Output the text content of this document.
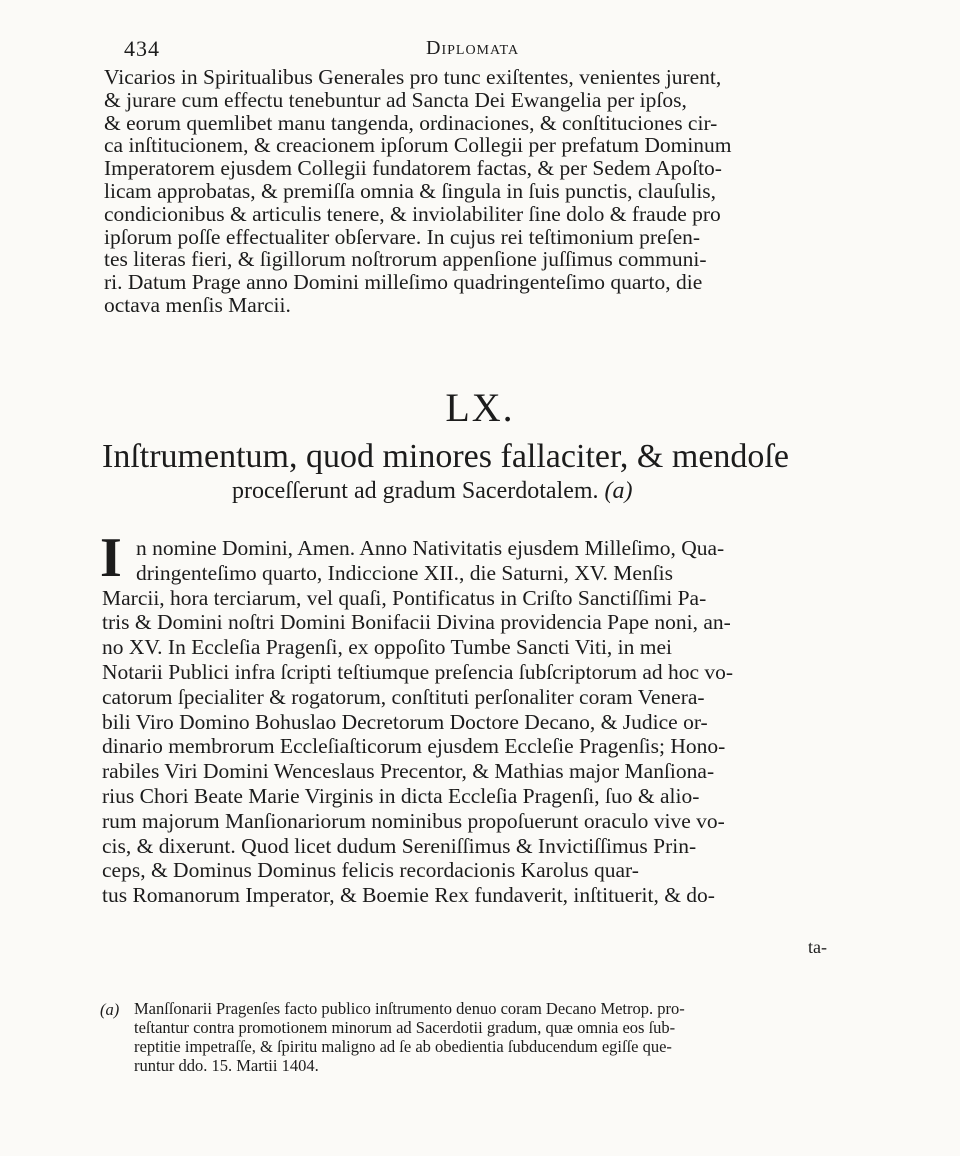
434	Diplomata
Vicarios in Spiritualibus Generales pro tunc exiſtentes, venientes jurent,
& jurare cum effectu tenebuntur ad Sancta Dei Ewangelia per ipſos,
& eorum quemlibet manu tangenda, ordinaciones, & conſtituciones cir-
ca inſtitucionem, & creacionem ipſorum Collegii per prefatum Dominum
Imperatorem ejusdem Collegii fundatorem factas, & per Sedem Apoſto-
licam approbatas, & premiſſa omnia & ſingula in ſuis punctis, clauſulis,
condicionibus & articulis tenere, & inviolabiliter ſine dolo & fraude pro
ipſorum poſſe effectualiter obſervare. In cujus rei teſtimonium preſen-
tes literas fieri, & ſigillorum noſtrorum appenſione juſſimus communi-
ri. Datum Prage anno Domini milleſimo quadringenteſimo quarto, die
octava menſis Marcii.
LX.
Inſtrumentum, quod minores fallaciter, & mendoſe
proceſſerunt ad gradum Sacerdotalem. (a)
I n nomine Domini, Amen. Anno Nativitatis ejusdem Milleſimo, Qua-
dringenteſimo quarto, Indiccione XII., die Saturni, XV. Menſis
Marcii, hora terciarum, vel quaſi, Pontificatus in Criſto Sanctiſſimi Pa-
tris & Domini noſtri Domini Bonifacii Divina providencia Pape noni, an-
no XV. In Eccleſia Pragenſi, ex oppoſito Tumbe Sancti Viti, in mei
Notarii Publici infra ſcripti teſtiumque preſencia ſubſcriptorum ad hoc vo-
catorum ſpecialiter & rogatorum, conſtituti perſonaliter coram Venera-
bili Viro Domino Bohuslao Decretorum Doctore Decano, & Judice or-
dinario membrorum Eccleſiaſticorum ejusdem Eccleſie Pragenſis; Hono-
rabiles Viri Domini Wenceslaus Precentor, & Mathias major Manſiona-
rius Chori Beate Marie Virginis in dicta Eccleſia Pragenſi, ſuo & alio-
rum majorum Manſionariorum nominibus propoſuerunt oraculo vive vo-
cis, & dixerunt. Quod licet dudum Sereniſſimus & Invictiſſimus Prin-
ceps, & Dominus Dominus felicis recordacionis Karolus quar-
tus Romanorum Imperator, & Boemie Rex fundaverit, inſtituerit, & do-
ta-
(a) Manſſonarii Pragenſes facto publico inſtrumento denuo coram Decano Metrop. pro-
teſtantur contra promotionem minorum ad Sacerdotii gradum, quæ omnia eos ſub-
reptitie impetraſſe, & ſpiritu maligno ad ſe ab obedientia ſubducendum egiſſe que-
runtur ddo. 15. Martii 1404.
